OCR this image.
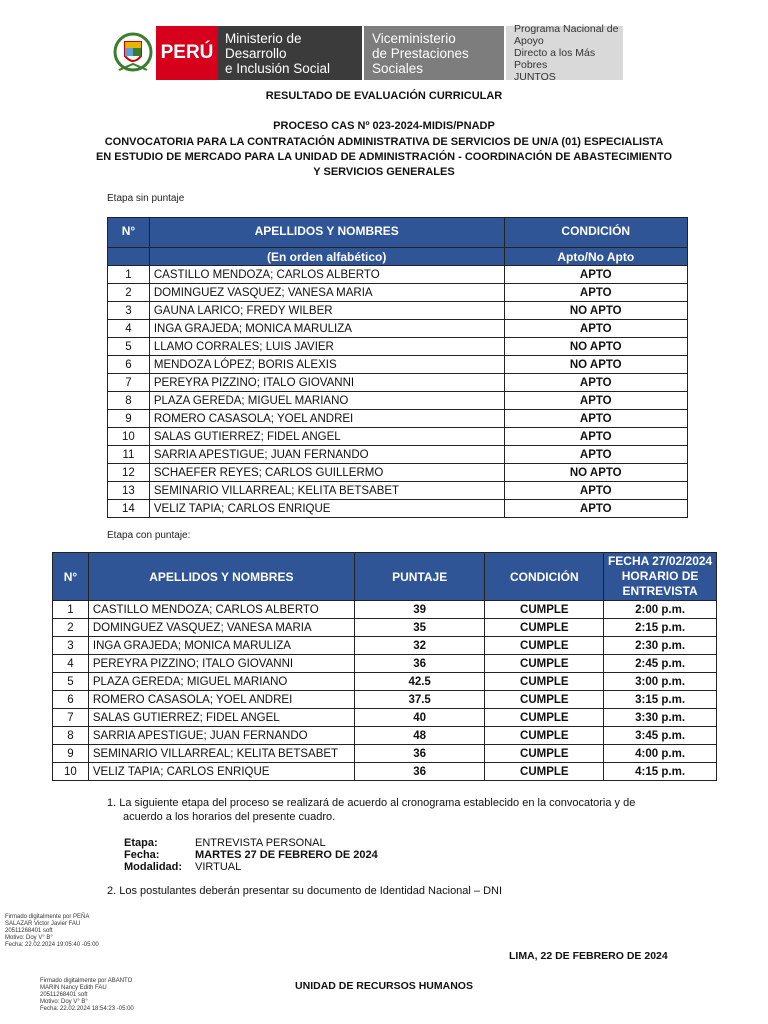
PERÚ
Ministerio de Desarrollo
e Inclusión Social
Viceministerio
de Prestaciones Sociales
Programa Nacional de Apoyo
Directo a los Más Pobres
JUNTOS
RESULTADO DE EVALUACIÓN CURRICULAR
PROCESO CAS Nº 023-2024-MIDIS/PNADP
CONVOCATORIA PARA LA CONTRATACIÓN ADMINISTRATIVA DE SERVICIOS DE UN/A (01) ESPECIALISTA
EN ESTUDIO DE MERCADO PARA LA UNIDAD DE ADMINISTRACIÓN - COORDINACIÓN DE ABASTECIMIENTO
Y SERVICIOS GENERALES
Etapa sin puntaje
N°	APELLIDOS Y NOMBRES	CONDICIÓN
	(En orden alfabético)	Apto/No Apto
1	CASTILLO MENDOZA; CARLOS ALBERTO	APTO
2	DOMINGUEZ VASQUEZ; VANESA MARIA	APTO
3	GAUNA LARICO; FREDY WILBER	NO APTO
4	INGA GRAJEDA; MONICA MARULIZA	APTO
5	LLAMO CORRALES; LUIS JAVIER	NO APTO
6	MENDOZA LÓPEZ; BORIS ALEXIS	NO APTO
7	PEREYRA PIZZINO; ITALO GIOVANNI	APTO
8	PLAZA GEREDA; MIGUEL MARIANO	APTO
9	ROMERO CASASOLA; YOEL ANDREI	APTO
10	SALAS GUTIERREZ; FIDEL ANGEL	APTO
11	SARRIA APESTIGUE; JUAN FERNANDO	APTO
12	SCHAEFER REYES; CARLOS GUILLERMO	NO APTO
13	SEMINARIO VILLARREAL; KELITA BETSABET	APTO
14	VELIZ TAPIA; CARLOS ENRIQUE	APTO
Etapa con puntaje:
N°	APELLIDOS Y NOMBRES	PUNTAJE	CONDICIÓN	FECHA 27/02/2024
HORARIO DE
ENTREVISTA

1	CASTILLO MENDOZA; CARLOS ALBERTO	39	CUMPLE	2:00 p.m.
2	DOMINGUEZ VASQUEZ; VANESA MARIA	35	CUMPLE	2:15 p.m.
3	INGA GRAJEDA; MONICA MARULIZA	32	CUMPLE	2:30 p.m.
4	PEREYRA PIZZINO; ITALO GIOVANNI	36	CUMPLE	2:45 p.m.
5	PLAZA GEREDA; MIGUEL MARIANO	42.5	CUMPLE	3:00 p.m.
6	ROMERO CASASOLA; YOEL ANDREI	37.5	CUMPLE	3:15 p.m.
7	SALAS GUTIERREZ; FIDEL ANGEL	40	CUMPLE	3:30 p.m.
8	SARRIA APESTIGUE; JUAN FERNANDO	48	CUMPLE	3:45 p.m.
9	SEMINARIO VILLARREAL; KELITA BETSABET	36	CUMPLE	4:00 p.m.
10	VELIZ TAPIA; CARLOS ENRIQUE	36	CUMPLE	4:15 p.m.
1. La siguiente etapa del proceso se realizará de acuerdo al cronograma establecido en la convocatoria y de
acuerdo a los horarios del presente cuadro.
Etapa:	ENTREVISTA PERSONAL
Fecha:	MARTES 27 DE FEBRERO DE 2024
Modalidad: VIRTUAL
2. Los postulantes deberán presentar su documento de Identidad Nacional – DNI
Firmado digitalmente por PEÑA
SALAZAR Victor Javier FAU
20511268401 soft
Motivo: Doy V° B°
Fecha: 22.02.2024 19:05:40 -05:00
Firmado digitalmente por ABANTO
MARIN Nancy Edith FAU
20511268401 soft
Motivo: Doy V° B°
Fecha: 22.02.2024 18:54:23 -05:00
LIMA, 22 DE FEBRERO DE 2024
UNIDAD DE RECURSOS HUMANOS
